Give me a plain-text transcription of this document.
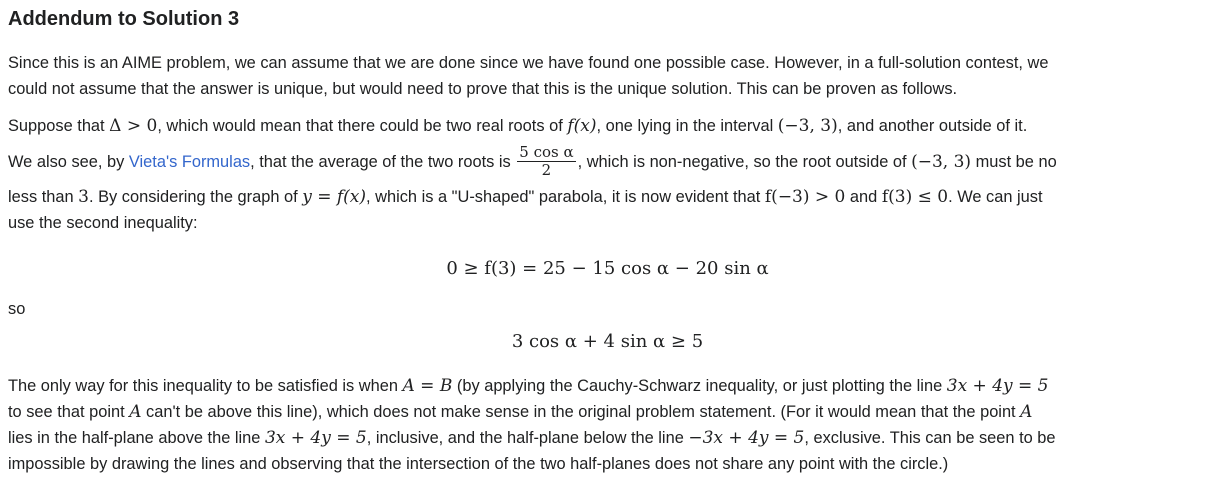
Addendum to Solution 3
Since this is an AIME problem, we can assume that we are done since we have found one possible case. However, in a full-solution contest, we
could not assume that the answer is unique, but would need to prove that this is the unique solution. This can be proven as follows.
Suppose that Δ > 0, which would mean that there could be two real roots of f(x), one lying in the interval (−3, 3), and another outside of it.
We also see, by Vieta's Formulas, that the average of the two roots is $\frac{\text{5 cos α}}{2}$ , which is non-negative, so the root outside of (−3, 3) must be no
less than 3. By considering the graph of y = f(x), which is a "U-shaped" parabola, it is now evident that f(−3) > 0 and f(3) ≤ 0. We can just
use the second inequality:
0 ≥ f(3) = 25 − 15 cos α − 20 sin α
so
3 cos α + 4 sin α ≥ 5
The only way for this inequality to be satisfied is when A = B (by applying the Cauchy-Schwarz inequality, or just plotting the line 3x + 4y = 5
to see that point A can't be above this line), which does not make sense in the original problem statement. (For it would mean that the point A
lies in the half-plane above the line 3x + 4y = 5, inclusive, and the half-plane below the line −3x + 4y = 5, exclusive. This can be seen to be
impossible by drawing the lines and observing that the intersection of the two half-planes does not share any point with the circle.)
